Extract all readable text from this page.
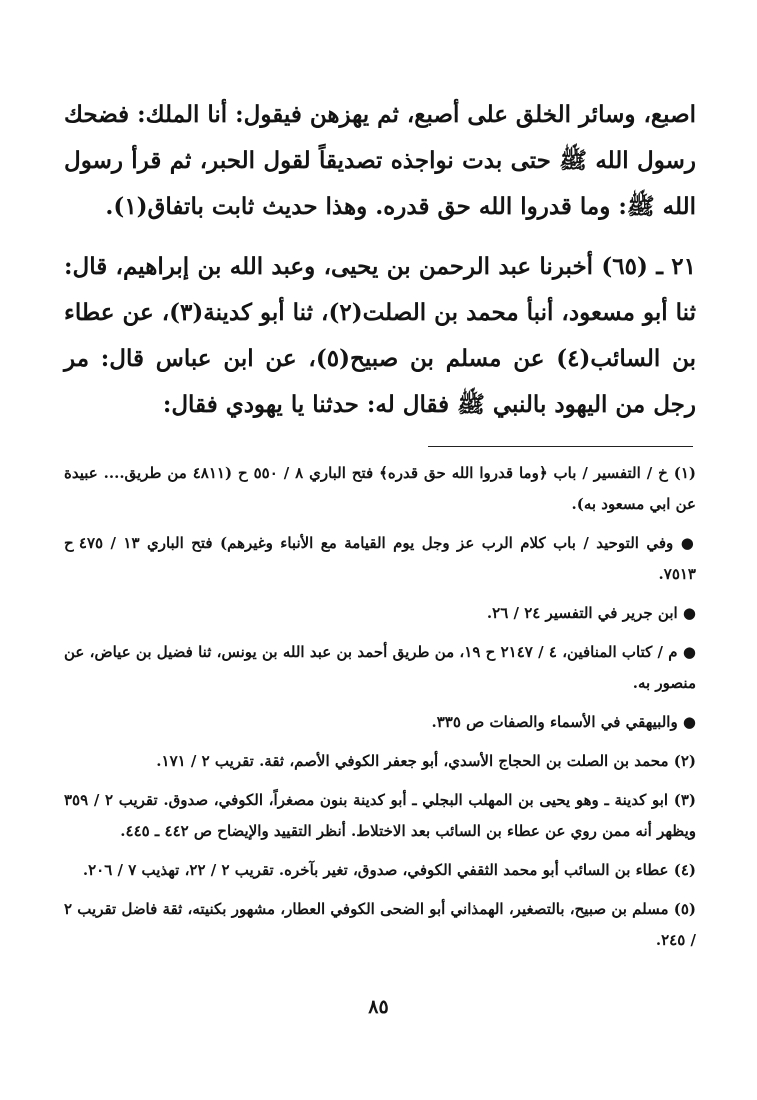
اصبع، وسائر الخلق على أصبع، ثم يهزهن فيقول: أنا الملك: فضحك رسول الله ﷺ حتى بدت نواجذه تصديقاً لقول الحبر، ثم قرأ رسول الله ﷺ: وما قدروا الله حق قدره. وهذا حديث ثابت باتفاق(١).

٢١ ـ (٦٥) أخبرنا عبد الرحمن بن يحيى، وعبد الله بن إبراهيم، قال: ثنا أبو مسعود، أنبأ محمد بن الصلت(٢)، ثنا أبو كدينة(٣)، عن عطاء بن السائب(٤) عن مسلم بن صبيح(٥)، عن ابن عباس قال: مر رجل من اليهود بالنبي ﷺ فقال له: حدثنا يا يهودي فقال:

(١) خ / التفسير / باب ﴿وما قدروا الله حق قدره﴾ فتح الباري ٨ / ٥٥٠ ح (٤٨١١ من طريق.... عبيدة عن ابي مسعود به).

● وفي التوحيد / باب كلام الرب عز وجل يوم القيامة مع الأنباء وغيرهم) فتح الباري ١٣ / ٤٧٥ ح ٧٥١٣.

● ابن جرير في التفسير ٢٤ / ٢٦.

● م / كتاب المنافين، ٤ / ٢١٤٧ ح ١٩، من طريق أحمد بن عبد الله بن يونس، ثنا فضيل بن عياض، عن منصور به.

● والبيهقي في الأسماء والصفات ص ٣٣٥.

(٢) محمد بن الصلت بن الحجاج الأسدي، أبو جعفر الكوفي الأصم، ثقة. تقريب ٢ / ١٧١.

(٣) ابو كدينة ـ وهو يحيى بن المهلب البجلي ـ أبو كدينة بنون مصغراً، الكوفي، صدوق. تقريب ٢ / ٣٥٩ ويظهر أنه ممن روي عن عطاء بن السائب بعد الاختلاط. أنظر التقييد والإيضاح ص ٤٤٢ ـ ٤٤٥.

(٤) عطاء بن السائب أبو محمد الثقفي الكوفي، صدوق، تغير بآخره. تقريب ٢ / ٢٢، تهذيب ٧ / ٢٠٦.

(٥) مسلم بن صبيح، بالتصغير، الهمذاني أبو الضحى الكوفي العطار، مشهور بكنيته، ثقة فاضل تقريب ٢ / ٢٤٥.

٨٥
